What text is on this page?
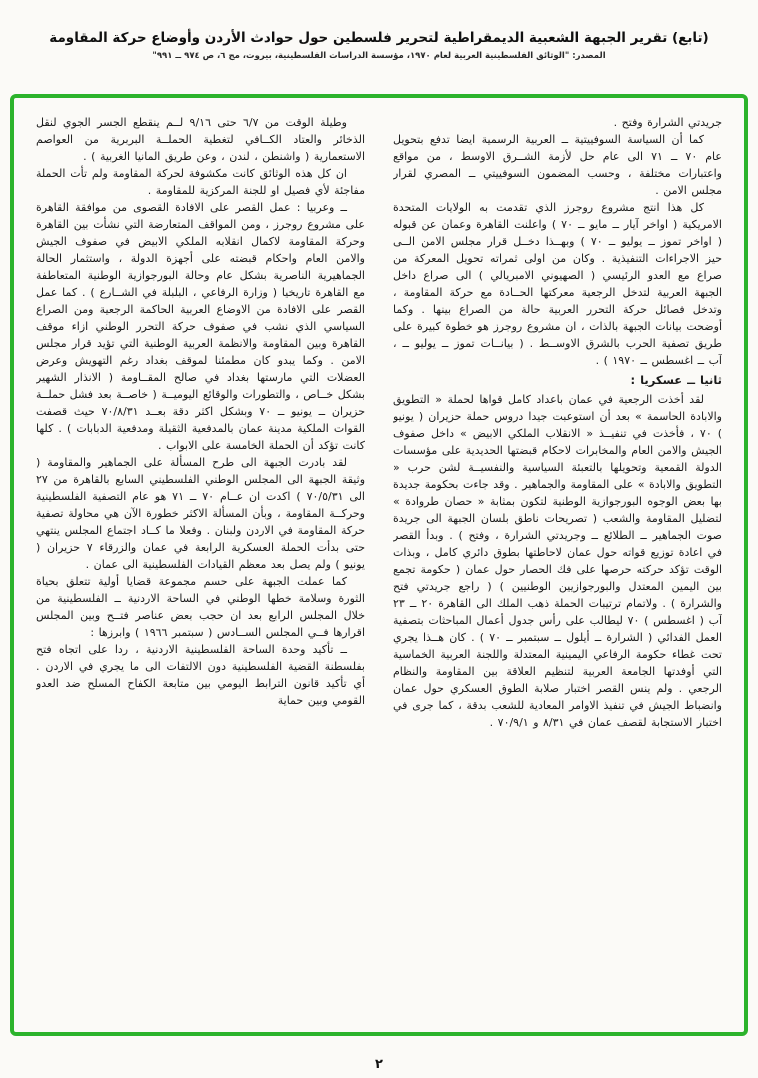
(تابع) تقرير الجبهة الشعبية الديمقراطية لتحرير فلسطين حول حوادث الأردن وأوضاع حركة المقاومة
المصدر: "الوثائق الفلسطينية العربية لعام ١٩٧٠، مؤسسة الدراسات الفلسطينية، بيروت، مج ٦، ص ٩٧٤ ــ ٩٩١"

جريدتي الشرارة وفتح .

كما أن السياسة السوفييتية ــ العربية الرسمية ايضا تدفع بتحويل عام ٧٠ ــ ٧١ الى عام حل لأزمة الشــرق الاوسط ، من مواقع واعتبارات مختلفة ، وحسب المضمون السوفييتي ــ المصري لقرار مجلس الامن .

كل هذا انتج مشروع روجرز الذي تقدمت به الولايات المتحدة الامريكية ( اواخر آيار ــ مايو ــ ٧٠ ) واعلنت القاهرة وعمان عن قبوله ( اواخر تموز ــ يوليو ــ ٧٠ ) وبهــذا دخــل قرار مجلس الامن الــى حيز الاجراءات التنفيذية . وكان من اولى ثمراته تحويل المعركة من صراع مع العدو الرئيسي ( الصهيوني الامبريالي ) الى صراع داخل الجبهة العربية لتدخل الرجعية معركتها الحــادة مع حركة المقاومة ، وتدخل فصائل حركة التحرر العربية حالة من الصراع بينها . وكما أوضحت بيانات الجبهة بالذات ، ان مشروع روجرز هو خطوة كبيرة على طريق تصفية الحرب بالشرق الاوســط . ( بيانــات تموز ــ يوليو ــ ، آب ــ اغسطس ــ ١٩٧٠ ) .

ثانيا ــ عسكريا :

لقد أخذت الرجعية في عمان باعداد كامل قواها لحملة « التطويق والابادة الحاسمة » بعد أن استوعبت جيدا دروس حملة حزيران ( يونيو ) ٧٠ ، فأخذت في تنفيــذ « الانقلاب الملكي الابيض » داخل صفوف الجيش والامن العام والمخابرات لاحكام قبضتها الحديدية على مؤسسات الدولة القمعية وتحويلها بالتعبئة السياسية والنفسيــة لشن حرب « التطويق والابادة » على المقاومة والجماهير . وقد جاءت بحكومة جديدة بها بعض الوجوه البورجوازية الوطنية لتكون بمثابة « حصان طروادة » لتضليل المقاومة والشعب ( تصريحات ناطق بلسان الجبهة الى جريدة صوت الجماهير ــ الطلائع ــ وجريدتي الشرارة ، وفتح ) . وبدأ القصر في اعادة توزيع قواته حول عمان لاحاطتها بطوق دائري كامل ، وبذات الوقت تؤكد حركته حرصها على فك الحصار حول عمان ( حكومة تجمع بين اليمين المعتدل والبورجوازيين الوطنيين ) ( راجع جريدتي فتح والشرارة ) . ولاتمام ترتيبات الحملة ذهب الملك الى القاهرة ٢٠ ــ ٢٣ آب ( اغسطس ) ٧٠ ليطالب على رأس جدول أعمال المباحثات بتصفية العمل الفدائي ( الشرارة ــ أيلول ــ سبتمبر ــ ٧٠ ) . كان هــذا يجري تحت غطاء حكومة الرفاعي اليمينية المعتدلة واللجنة العربية الخماسية التي أوفدتها الجامعة العربية لتنظيم العلاقة بين المقاومة والنظام الرجعي . ولم ينس القصر اختبار صلابة الطوق العسكري حول عمان وانضباط الجيش في تنفيذ الاوامر المعادية للشعب بدقة ، كما جرى في اختبار الاستجابة لقصف عمان في ٨/٣١ و ٧٠/٩/١ .

وطيلة الوقت من ٦/٧ حتى ٩/١٦ لــم ينقطع الجسر الجوي لنقل الذخائر والعتاد الكــافي لتغطية الحملــة البربرية من العواصم الاستعمارية ( واشنطن ، لندن ، وعن طريق المانيا الغربية ) .

ان كل هذه الوثائق كانت مكشوفة لحركة المقاومة ولم تأت الحملة مفاجئة لأي فصيل او للجنة المركزية للمقاومة .

ــ وعربيا : عمل القصر على الافادة القصوى من موافقة القاهرة على مشروع روجرز ، ومن المواقف المتعارضة التي نشأت بين القاهرة وحركة المقاومة لاكمال انقلابه الملكي الابيض في صفوف الجيش والامن العام واحكام قبضته على أجهزة الدولة ، واستثمار الحالة الجماهيرية الناصرية بشكل عام وحالة البورجوازية الوطنية المتعاطفة مع القاهرة تاريخيا ( وزارة الرفاعي ، البلبلة في الشــارع ) . كما عمل القصر على الافادة من الاوضاع العربية الحاكمة الرجعية ومن الصراع السياسي الذي نشب في صفوف حركة التحرر الوطني ازاء موقف القاهرة وبين المقاومة والانظمة العربية الوطنية التي تؤيد قرار مجلس الامن . وكما يبدو كان مطمئنا لموقف بغداد رغم التهويش وعرض العضلات التي مارستها بغداد في صالح المقــاومة ( الانذار الشهير بشكل خــاص ، والتطورات والوقائع اليوميــة ( خاصــة بعد فشل حملــة حزيران ــ يونيو ــ ٧٠ وبشكل اكثر دقة بعــد ٧٠/٨/٣١ حيث قصفت القوات الملكية مدينة عمان بالمدفعية الثقيلة ومدفعية الدبابات ) . كلها كانت تؤكد أن الحملة الخامسة على الابواب .

لقد بادرت الجبهة الى طرح المسألة على الجماهير والمقاومة ( وثيقة الجبهة الى المجلس الوطني الفلسطيني السابع بالقاهرة من ٢٧ الى ٧٠/٥/٣١ ) اكدت ان عــام ٧٠ ــ ٧١ هو عام التصفية الفلسطينية وحركــة المقاومة ، وبأن المسألة الاكثر خطورة الآن هي محاولة تصفية حركة المقاومة في الاردن ولبنان . وفعلا ما كــاد اجتماع المجلس ينتهي حتى بدأت الحملة العسكرية الرابعة في عمان والزرقاء ٧ حزيران ( يونيو ) ولم يصل بعد معظم القيادات الفلسطينية الى عمان .

كما عملت الجبهة على حسم مجموعة قضايا أولية تتعلق بحياة الثورة وسلامة خطها الوطني في الساحة الاردنية ــ الفلسطينية من خلال المجلس الرابع بعد ان حجب بعض عناصر فتــح وبين المجلس اقرارها فــي المجلس الســادس ( سبتمبر ١٩٦٦ ) وابرزها :

ــ تأكيد وحدة الساحة الفلسطينية الاردنية ، ردا على اتجاه فتح بفلسطنة القضية الفلسطينية دون الالتفات الى ما يجري في الاردن . أي تأكيد قانون الترابط اليومي بين متابعة الكفاح المسلح ضد العدو القومي وبين حماية

٢
